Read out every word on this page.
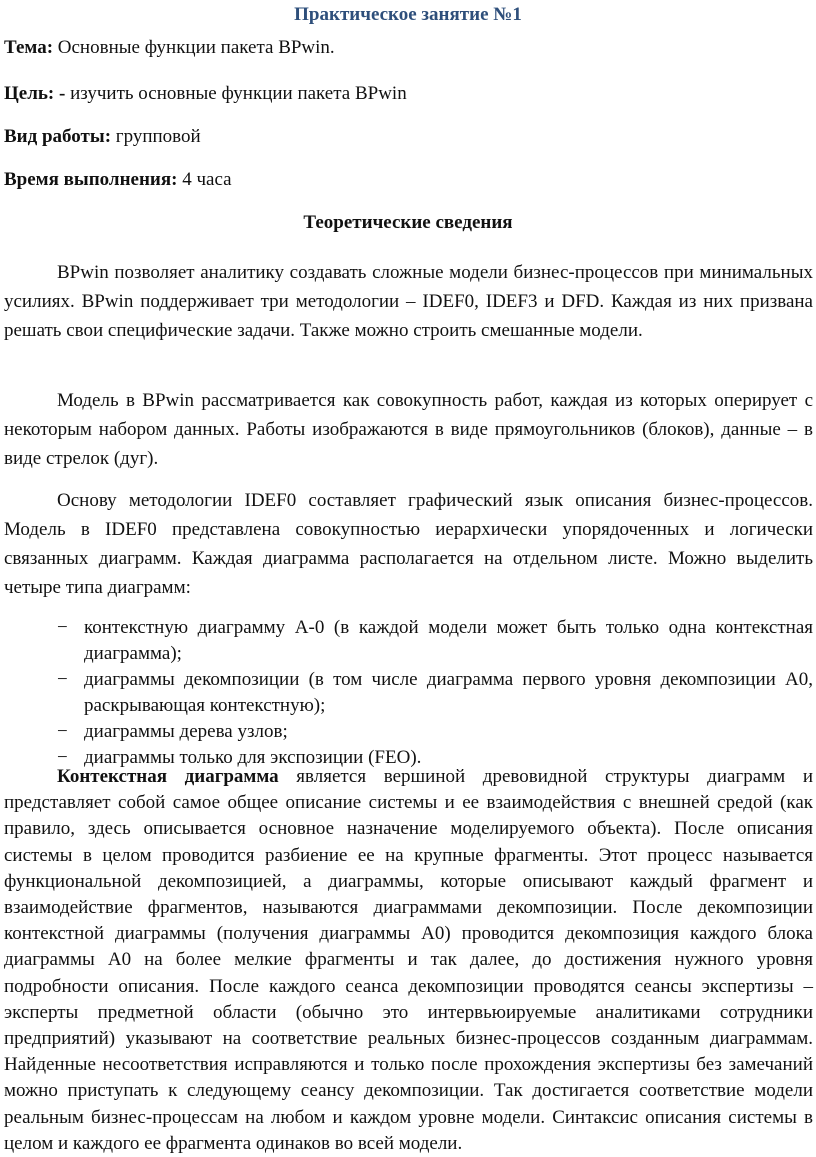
Практическое занятие №1
Тема: Основные функции пакета BPwin.
Цель: - изучить основные функции пакета BPwin
Вид работы: групповой
Время выполнения: 4 часа
Теоретические сведения

BPwin позволяет аналитику создавать сложные модели бизнес-процессов при минимальных усилиях. BPwin поддерживает три методологии – IDEF0, IDEF3 и DFD. Каждая из них призвана решать свои специфические задачи. Также можно строить смешанные модели.

Модель в BPwin рассматривается как совокупность работ, каждая из которых оперирует с некоторым набором данных. Работы изображаются в виде прямоугольников (блоков), данные – в виде стрелок (дуг).

Основу методологии IDEF0 составляет графический язык описания бизнес-процессов. Модель в IDEF0 представлена совокупностью иерархически упорядоченных и логически связанных диаграмм. Каждая диаграмма располагается на отдельном листе. Можно выделить четыре типа диаграмм:

− контекстную диаграмму А-0 (в каждой модели может быть только одна контекстная диаграмма);
− диаграммы декомпозиции (в том числе диаграмма первого уровня декомпозиции А0, раскрывающая контекстную);
− диаграммы дерева узлов;
− диаграммы только для экспозиции (FEO).

Контекстная диаграмма является вершиной древовидной структуры диаграмм и представляет собой самое общее описание системы и ее взаимодействия с внешней средой (как правило, здесь описывается основное назначение моделируемого объекта). После описания системы в целом проводится разбиение ее на крупные фрагменты. Этот процесс называется функциональной декомпозицией, а диаграммы, которые описывают каждый фрагмент и взаимодействие фрагментов, называются диаграммами декомпозиции. После декомпозиции контекстной диаграммы (получения диаграммы А0) проводится декомпозиция каждого блока диаграммы А0 на более мелкие фрагменты и так далее, до достижения нужного уровня подробности описания. После каждого сеанса декомпозиции проводятся сеансы экспертизы – эксперты предметной области (обычно это интервьюируемые аналитиками сотрудники предприятий) указывают на соответствие реальных бизнес-процессов созданным диаграммам. Найденные несоответствия исправляются и только после прохождения экспертизы без замечаний можно приступать к следующему сеансу декомпозиции. Так достигается соответствие модели реальным бизнес-процессам на любом и каждом уровне модели. Синтаксис описания системы в целом и каждого ее фрагмента одинаков во всей модели.
